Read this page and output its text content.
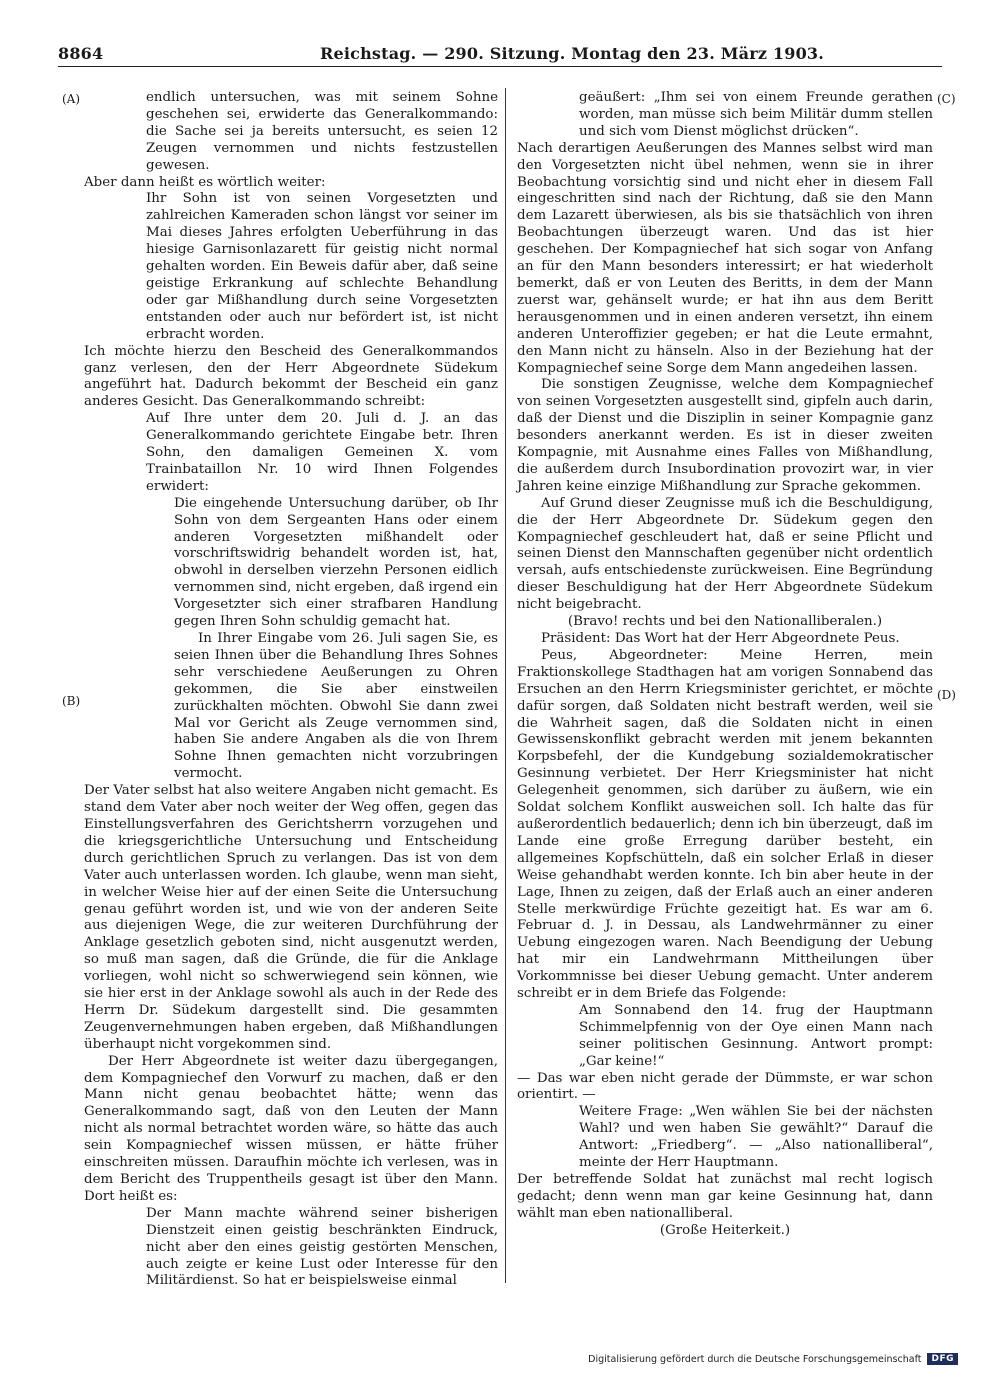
8864	Reichstag. — 290. Sitzung. Montag den 23. März 1903.
(A)
(B)
(C)
(D)

endlich untersuchen, was mit seinem Sohne geschehen sei, erwiderte das Generalkommando: die Sache sei ja bereits untersucht, es seien 12 Zeugen vernommen und nichts festzustellen gewesen.

Aber dann heißt es wörtlich weiter:

Ihr Sohn ist von seinen Vorgesetzten und zahlreichen Kameraden schon längst vor seiner im Mai dieses Jahres erfolgten Ueberführung in das hiesige Garnisonlazarett für geistig nicht normal gehalten worden. Ein Beweis dafür aber, daß seine geistige Erkrankung auf schlechte Behandlung oder gar Mißhandlung durch seine Vorgesetzten entstanden oder auch nur befördert ist, ist nicht erbracht worden.

Ich möchte hierzu den Bescheid des Generalkommandos ganz verlesen, den der Herr Abgeordnete Südekum angeführt hat. Dadurch bekommt der Bescheid ein ganz anderes Gesicht. Das Generalkommando schreibt:

Auf Ihre unter dem 20. Juli d. J. an das Generalkommando gerichtete Eingabe betr. Ihren Sohn, den damaligen Gemeinen X. vom Trainbataillon Nr. 10 wird Ihnen Folgendes erwidert:

Die eingehende Untersuchung darüber, ob Ihr Sohn von dem Sergeanten Hans oder einem anderen Vorgesetzten mißhandelt oder vorschriftswidrig behandelt worden ist, hat, obwohl in derselben vierzehn Personen eidlich vernommen sind, nicht ergeben, daß irgend ein Vorgesetzter sich einer strafbaren Handlung gegen Ihren Sohn schuldig gemacht hat.

In Ihrer Eingabe vom 26. Juli sagen Sie, es seien Ihnen über die Behandlung Ihres Sohnes sehr verschiedene Aeußerungen zu Ohren gekommen, die Sie aber einstweilen zurückhalten möchten. Obwohl Sie dann zwei Mal vor Gericht als Zeuge vernommen sind, haben Sie andere Angaben als die von Ihrem Sohne Ihnen gemachten nicht vorzubringen vermocht.

Der Vater selbst hat also weitere Angaben nicht gemacht. Es stand dem Vater aber noch weiter der Weg offen, gegen das Einstellungsverfahren des Gerichtsherrn vorzugehen und die kriegsgerichtliche Untersuchung und Entscheidung durch gerichtlichen Spruch zu verlangen. Das ist von dem Vater auch unterlassen worden. Ich glaube, wenn man sieht, in welcher Weise hier auf der einen Seite die Untersuchung genau geführt worden ist, und wie von der anderen Seite aus diejenigen Wege, die zur weiteren Durchführung der Anklage gesetzlich geboten sind, nicht ausgenutzt werden, so muß man sagen, daß die Gründe, die für die Anklage vorliegen, wohl nicht so schwerwiegend sein können, wie sie hier erst in der Anklage sowohl als auch in der Rede des Herrn Dr. Südekum dargestellt sind. Die gesammten Zeugenvernehmungen haben ergeben, daß Mißhandlungen überhaupt nicht vorgekommen sind.

Der Herr Abgeordnete ist weiter dazu übergegangen, dem Kompagniechef den Vorwurf zu machen, daß er den Mann nicht genau beobachtet hätte; wenn das Generalkommando sagt, daß von den Leuten der Mann nicht als normal betrachtet worden wäre, so hätte das auch sein Kompagniechef wissen müssen, er hätte früher einschreiten müssen. Daraufhin möchte ich verlesen, was in dem Bericht des Truppentheils gesagt ist über den Mann. Dort heißt es:

Der Mann machte während seiner bisherigen Dienstzeit einen geistig beschränkten Eindruck, nicht aber den eines geistig gestörten Menschen, auch zeigte er keine Lust oder Interesse für den Militärdienst. So hat er beispielsweise einmal

geäußert: „Ihm sei von einem Freunde gerathen worden, man müsse sich beim Militär dumm stellen und sich vom Dienst möglichst drücken“.

Nach derartigen Aeußerungen des Mannes selbst wird man den Vorgesetzten nicht übel nehmen, wenn sie in ihrer Beobachtung vorsichtig sind und nicht eher in diesem Fall eingeschritten sind nach der Richtung, daß sie den Mann dem Lazarett überwiesen, als bis sie thatsächlich von ihren Beobachtungen überzeugt waren. Und das ist hier geschehen. Der Kompagniechef hat sich sogar von Anfang an für den Mann besonders interessirt; er hat wiederholt bemerkt, daß er von Leuten des Beritts, in dem der Mann zuerst war, gehänselt wurde; er hat ihn aus dem Beritt herausgenommen und in einen anderen versetzt, ihn einem anderen Unteroffizier gegeben; er hat die Leute ermahnt, den Mann nicht zu hänseln. Also in der Beziehung hat der Kompagniechef seine Sorge dem Mann angedeihen lassen.

Die sonstigen Zeugnisse, welche dem Kompagniechef von seinen Vorgesetzten ausgestellt sind, gipfeln auch darin, daß der Dienst und die Disziplin in seiner Kompagnie ganz besonders anerkannt werden. Es ist in dieser zweiten Kompagnie, mit Ausnahme eines Falles von Mißhandlung, die außerdem durch Insubordination provozirt war, in vier Jahren keine einzige Mißhandlung zur Sprache gekommen.

Auf Grund dieser Zeugnisse muß ich die Beschuldigung, die der Herr Abgeordnete Dr. Südekum gegen den Kompagniechef geschleudert hat, daß er seine Pflicht und seinen Dienst den Mannschaften gegenüber nicht ordentlich versah, aufs entschiedenste zurückweisen. Eine Begründung dieser Beschuldigung hat der Herr Abgeordnete Südekum nicht beigebracht.

(Bravo! rechts und bei den Nationalliberalen.)

Präsident: Das Wort hat der Herr Abgeordnete Peus.

Peus, Abgeordneter: Meine Herren, mein Fraktionskollege Stadthagen hat am vorigen Sonnabend das Ersuchen an den Herrn Kriegsminister gerichtet, er möchte dafür sorgen, daß Soldaten nicht bestraft werden, weil sie die Wahrheit sagen, daß die Soldaten nicht in einen Gewissenskonflikt gebracht werden mit jenem bekannten Korpsbefehl, der die Kundgebung sozialdemokratischer Gesinnung verbietet. Der Herr Kriegsminister hat nicht Gelegenheit genommen, sich darüber zu äußern, wie ein Soldat solchem Konflikt ausweichen soll. Ich halte das für außerordentlich bedauerlich; denn ich bin überzeugt, daß im Lande eine große Erregung darüber besteht, ein allgemeines Kopfschütteln, daß ein solcher Erlaß in dieser Weise gehandhabt werden konnte. Ich bin aber heute in der Lage, Ihnen zu zeigen, daß der Erlaß auch an einer anderen Stelle merkwürdige Früchte gezeitigt hat. Es war am 6. Februar d. J. in Dessau, als Landwehrmänner zu einer Uebung eingezogen waren. Nach Beendigung der Uebung hat mir ein Landwehrmann Mittheilungen über Vorkommnisse bei dieser Uebung gemacht. Unter anderem schreibt er in dem Briefe das Folgende:

Am Sonnabend den 14. frug der Hauptmann Schimmelpfennig von der Oye einen Mann nach seiner politischen Gesinnung. Antwort prompt: „Gar keine!“

— Das war eben nicht gerade der Dümmste, er war schon orientirt. —

Weitere Frage: „Wen wählen Sie bei der nächsten Wahl? und wen haben Sie gewählt?“ Darauf die Antwort: „Friedberg“. — „Also nationalliberal“, meinte der Herr Hauptmann.

Der betreffende Soldat hat zunächst mal recht logisch gedacht; denn wenn man gar keine Gesinnung hat, dann wählt man eben nationalliberal.

(Große Heiterkeit.)

Digitalisierung gefördert durch die Deutsche Forschungsgemeinschaft	DFG
